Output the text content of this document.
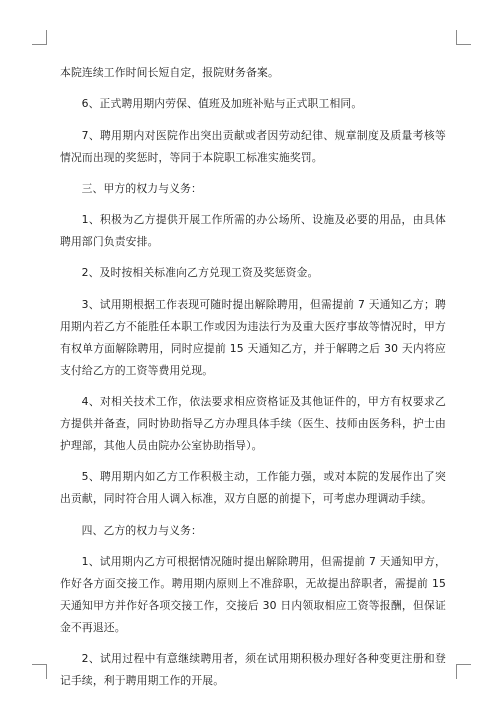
本院连续工作时间长短自定，报院财务备案。

6、正式聘用期内劳保、值班及加班补贴与正式职工相同。

7、聘用期内对医院作出突出贡献或者因劳动纪律、规章制度及质量考核等情况而出现的奖惩时，等同于本院职工标准实施奖罚。

三、甲方的权力与义务：

1、积极为乙方提供开展工作所需的办公场所、设施及必要的用品，由具体聘用部门负责安排。

2、及时按相关标准向乙方兑现工资及奖惩资金。

3、试用期根据工作表现可随时提出解除聘用，但需提前 7 天通知乙方；聘用期内若乙方不能胜任本职工作或因为违法行为及重大医疗事故等情况时，甲方有权单方面解除聘用，同时应提前 15 天通知乙方，并于解聘之后 30 天内将应支付给乙方的工资等费用兑现。

4、对相关技术工作，依法要求相应资格证及其他证件的，甲方有权要求乙方提供并备查，同时协助指导乙方办理具体手续（医生、技师由医务科，护士由护理部，其他人员由院办公室协助指导）。

5、聘用期内如乙方工作积极主动，工作能力强，或对本院的发展作出了突出贡献，同时符合用人调入标准，双方自愿的前提下，可考虑办理调动手续。

四、乙方的权力与义务：

1、试用期内乙方可根据情况随时提出解除聘用，但需提前 7 天通知甲方，作好各方面交接工作。聘用期内原则上不准辞职，无故提出辞职者，需提前 15 天通知甲方并作好各项交接工作，交接后 30 日内领取相应工资等报酬，但保证金不再退还。

2、试用过程中有意继续聘用者，须在试用期积极办理好各种变更注册和登记手续，利于聘用期工作的开展。
